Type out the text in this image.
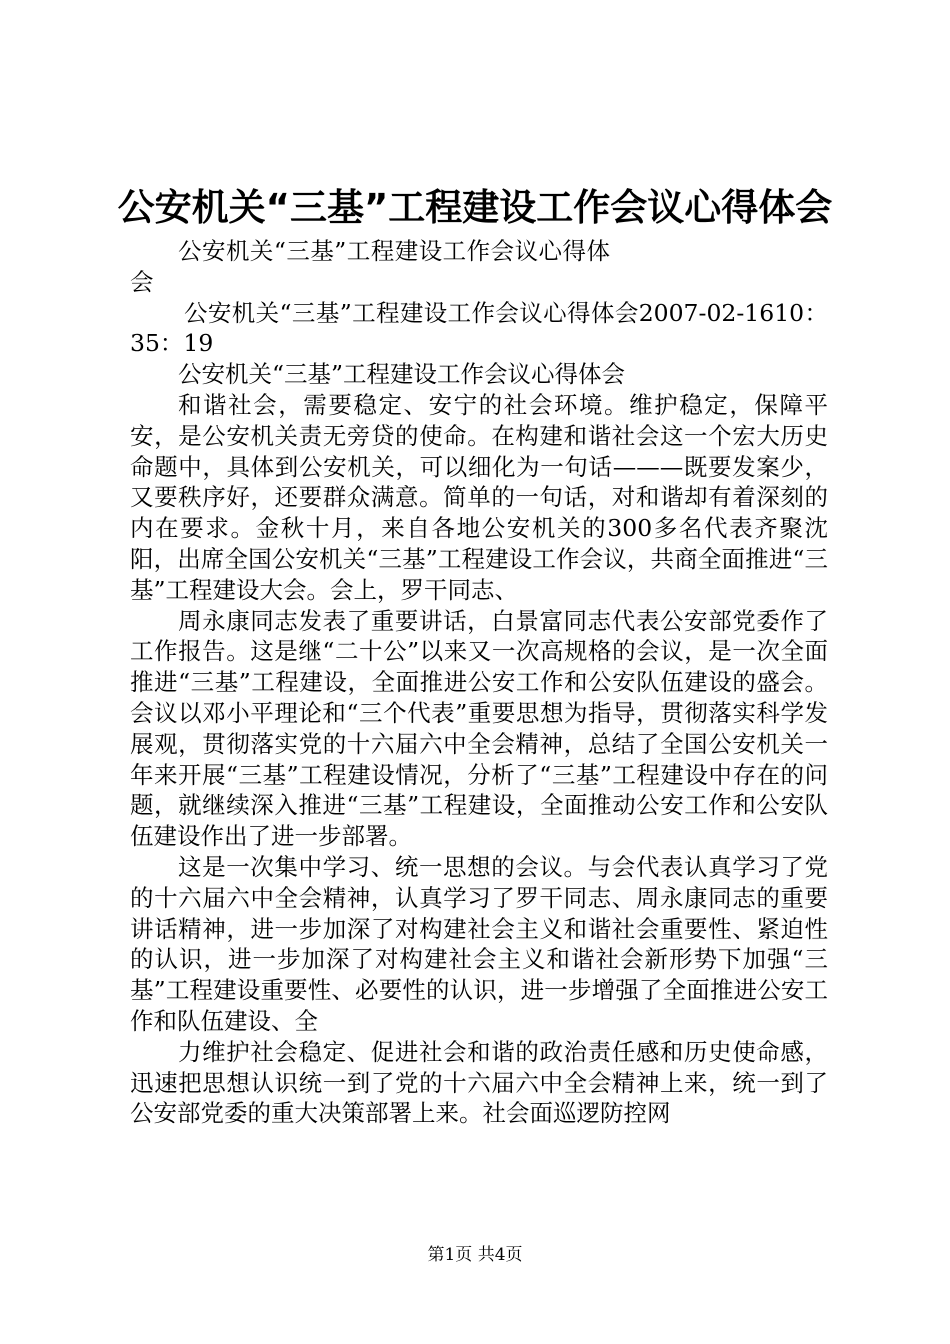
公安机关“三基”工程建设工作会议心得体会

公安机关“三基”工程建设工作会议心得体会

公安机关“三基”工程建设工作会议心得体会2007-02-1610：35：19

公安机关“三基”工程建设工作会议心得体会

和谐社会，需要稳定、安宁的社会环境。维护稳定，保障平安，是公安机关责无旁贷的使命。在构建和谐社会这一个宏大历史命题中，具体到公安机关，可以细化为一句话———既要发案少，又要秩序好，还要群众满意。简单的一句话，对和谐却有着深刻的内在要求。金秋十月，来自各地公安机关的300多名代表齐聚沈阳，出席全国公安机关“三基”工程建设工作会议，共商全面推进“三基”工程建设大会。会上，罗干同志、

周永康同志发表了重要讲话，白景富同志代表公安部党委作了工作报告。这是继“二十公”以来又一次高规格的会议，是一次全面推进“三基”工程建设，全面推进公安工作和公安队伍建设的盛会。会议以邓小平理论和“三个代表”重要思想为指导，贯彻落实科学发展观，贯彻落实党的十六届六中全会精神，总结了全国公安机关一年来开展“三基”工程建设情况，分析了“三基”工程建设中存在的问题，就继续深入推进“三基”工程建设，全面推动公安工作和公安队伍建设作出了进一步部署。

这是一次集中学习、统一思想的会议。与会代表认真学习了党的十六届六中全会精神，认真学习了罗干同志、周永康同志的重要讲话精神，进一步加深了对构建社会主义和谐社会重要性、紧迫性的认识，进一步加深了对构建社会主义和谐社会新形势下加强“三基”工程建设重要性、必要性的认识，进一步增强了全面推进公安工作和队伍建设、全

力维护社会稳定、促进社会和谐的政治责任感和历史使命感，迅速把思想认识统一到了党的十六届六中全会精神上来，统一到了公安部党委的重大决策部署上来。社会面巡逻防控网

第1页 共4页
